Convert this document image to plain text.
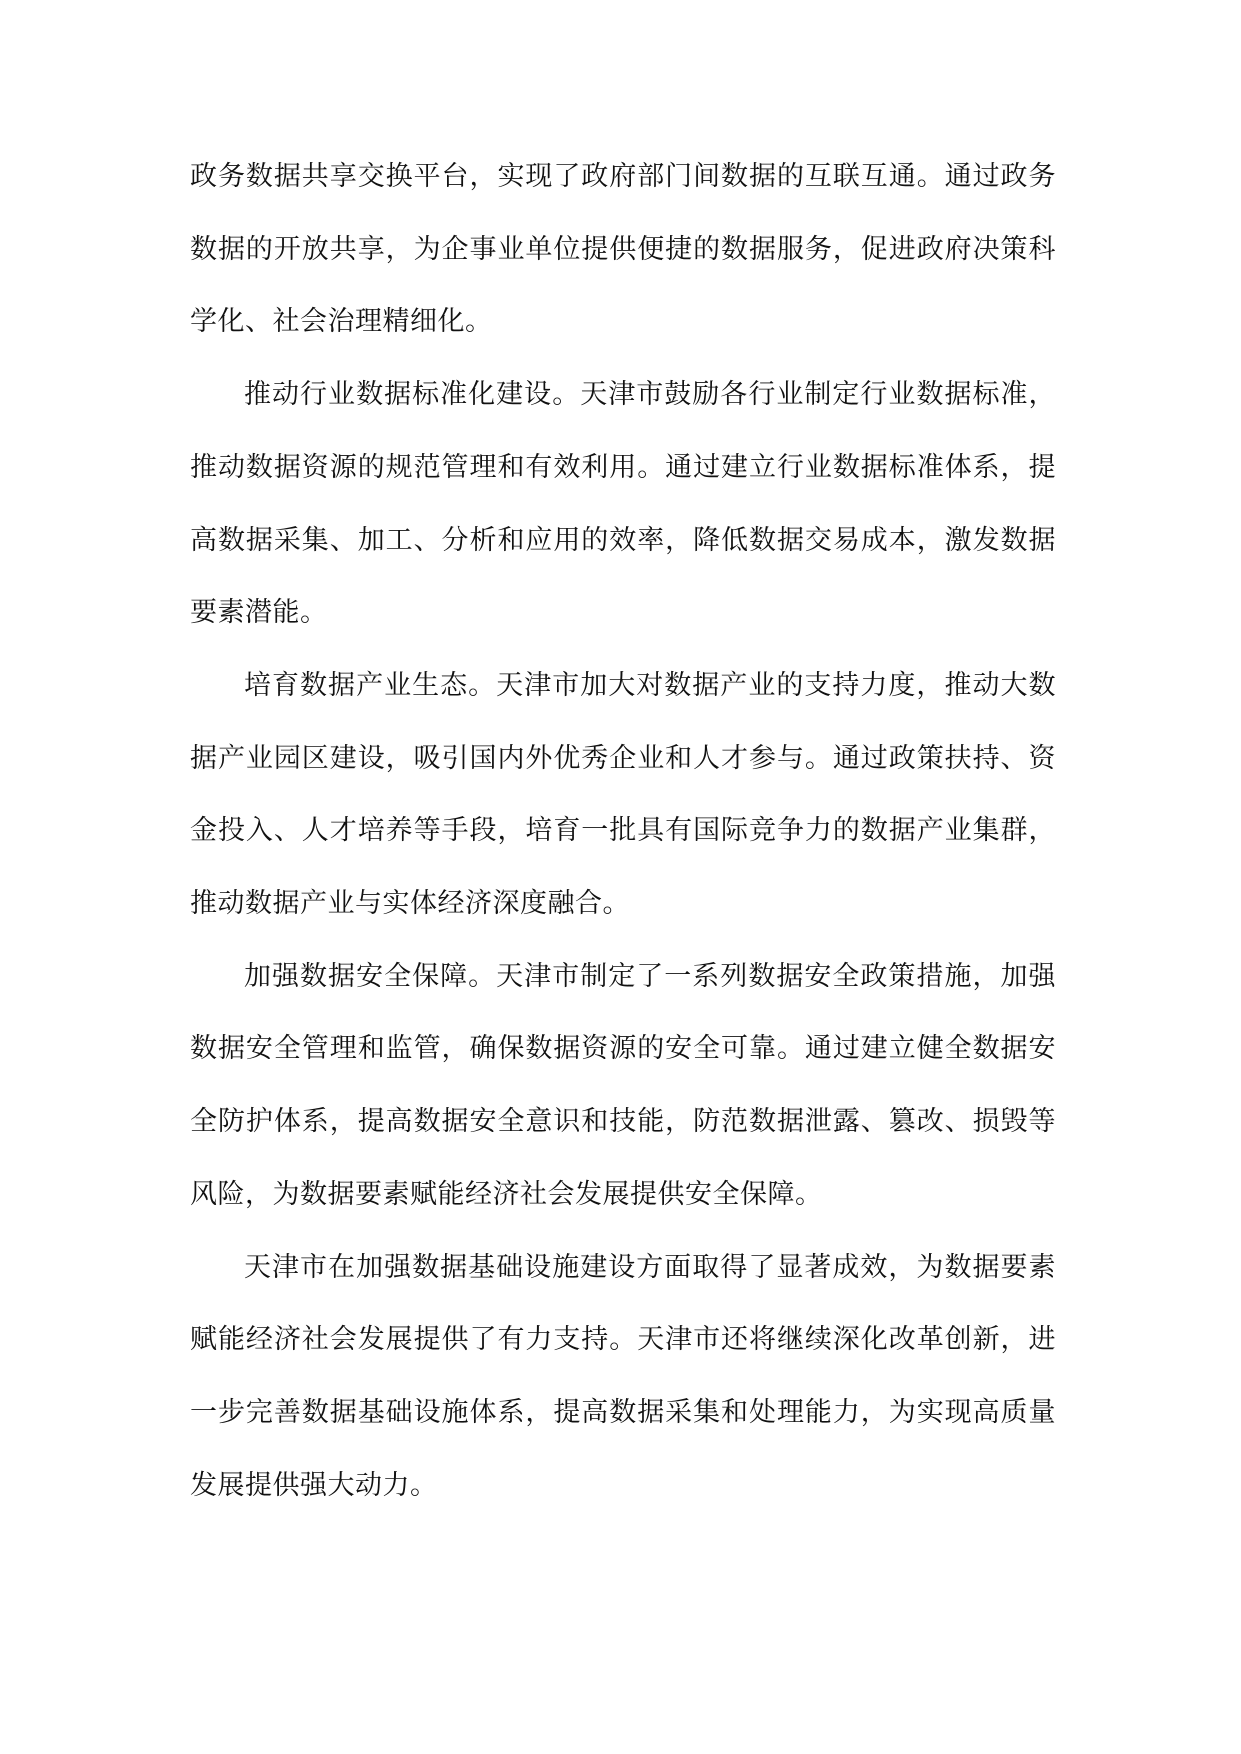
政务数据共享交换平台，实现了政府部门间数据的互联互通。通过政务数据的开放共享，为企事业单位提供便捷的数据服务，促进政府决策科学化、社会治理精细化。

推动行业数据标准化建设。天津市鼓励各行业制定行业数据标准，推动数据资源的规范管理和有效利用。通过建立行业数据标准体系，提高数据采集、加工、分析和应用的效率，降低数据交易成本，激发数据要素潜能。

培育数据产业生态。天津市加大对数据产业的支持力度，推动大数据产业园区建设，吸引国内外优秀企业和人才参与。通过政策扶持、资金投入、人才培养等手段，培育一批具有国际竞争力的数据产业集群，推动数据产业与实体经济深度融合。

加强数据安全保障。天津市制定了一系列数据安全政策措施，加强数据安全管理和监管，确保数据资源的安全可靠。通过建立健全数据安全防护体系，提高数据安全意识和技能，防范数据泄露、篡改、损毁等风险，为数据要素赋能经济社会发展提供安全保障。

天津市在加强数据基础设施建设方面取得了显著成效，为数据要素赋能经济社会发展提供了有力支持。天津市还将继续深化改革创新，进一步完善数据基础设施体系，提高数据采集和处理能力，为实现高质量发展提供强大动力。
